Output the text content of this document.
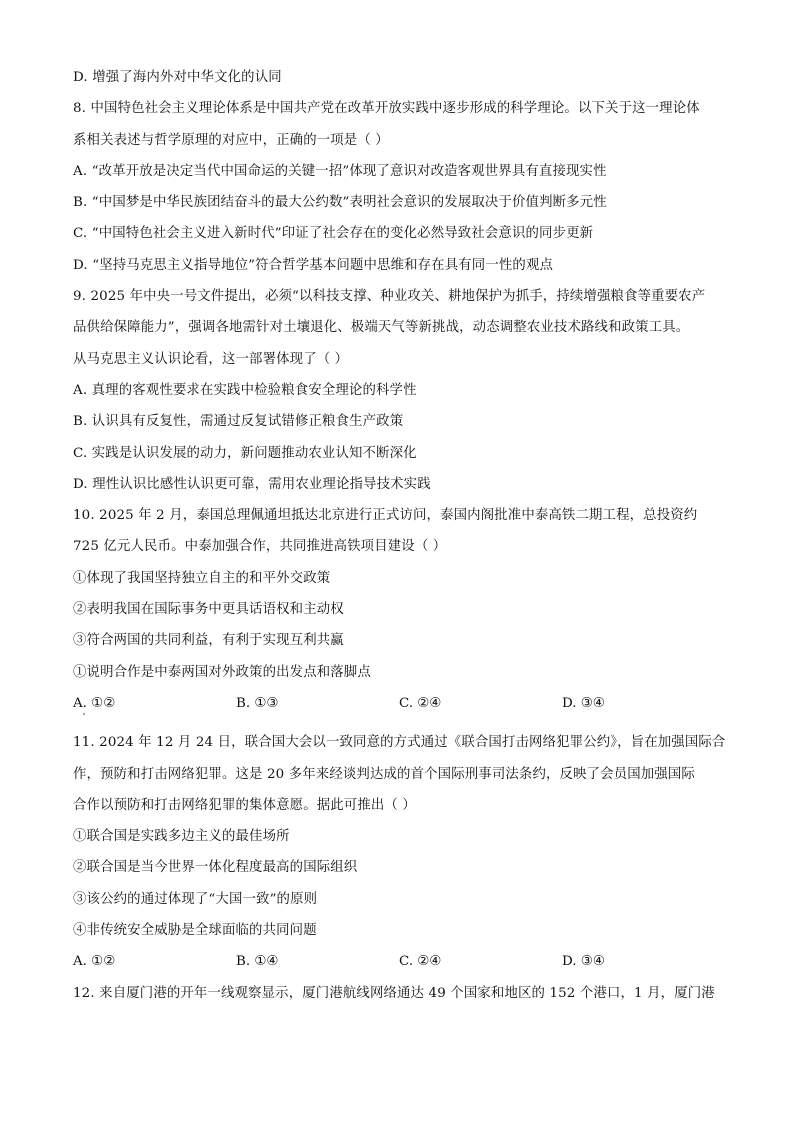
D. 增强了海内外对中华文化的认同
8. 中国特色社会主义理论体系是中国共产党在改革开放实践中逐步形成的科学理论。以下关于这一理论体
系相关表述与哲学原理的对应中，正确的一项是（ ）
A. “改革开放是决定当代中国命运的关键一招”体现了意识对改造客观世界具有直接现实性
B. “中国梦是中华民族团结奋斗的最大公约数”表明社会意识的发展取决于价值判断多元性
C. “中国特色社会主义进入新时代”印证了社会存在的变化必然导致社会意识的同步更新
D. “坚持马克思主义指导地位”符合哲学基本问题中思维和存在具有同一性的观点
9. 2025 年中央一号文件提出，必须“以科技支撑、种业攻关、耕地保护为抓手，持续增强粮食等重要农产
品供给保障能力”，强调各地需针对土壤退化、极端天气等新挑战，动态调整农业技术路线和政策工具。
从马克思主义认识论看，这一部署体现了（ ）
A. 真理的客观性要求在实践中检验粮食安全理论的科学性
B. 认识具有反复性，需通过反复试错修正粮食生产政策
C. 实践是认识发展的动力，新问题推动农业认知不断深化
D. 理性认识比感性认识更可靠，需用农业理论指导技术实践
10. 2025 年 2 月，泰国总理佩通坦抵达北京进行正式访问，泰国内阁批准中泰高铁二期工程，总投资约
725 亿元人民币。中泰加强合作，共同推进高铁项目建设（ ）
①体现了我国坚持独立自主的和平外交政策
②表明我国在国际事务中更具话语权和主动权
③符合两国的共同利益，有利于实现互利共赢
①说明合作是中泰两国对外政策的出发点和落脚点
A. ①②	B. ①③	C. ②④	D. ③④
11. 2024 年 12 月 24 日，联合国大会以一致同意的方式通过《联合国打击网络犯罪公约》，旨在加强国际合
作，预防和打击网络犯罪。这是 20 多年来经谈判达成的首个国际刑事司法条约，反映了会员国加强国际
合作以预防和打击网络犯罪的集体意愿。据此可推出（ ）
①联合国是实践多边主义的最佳场所
②联合国是当今世界一体化程度最高的国际组织
③该公约的通过体现了“大国一致”的原则
④非传统安全威胁是全球面临的共同问题
A. ①②	B. ①④	C. ②④	D. ③④
12. 来自厦门港的开年一线观察显示，厦门港航线网络通达 49 个国家和地区的 152 个港口，1 月，厦门港
